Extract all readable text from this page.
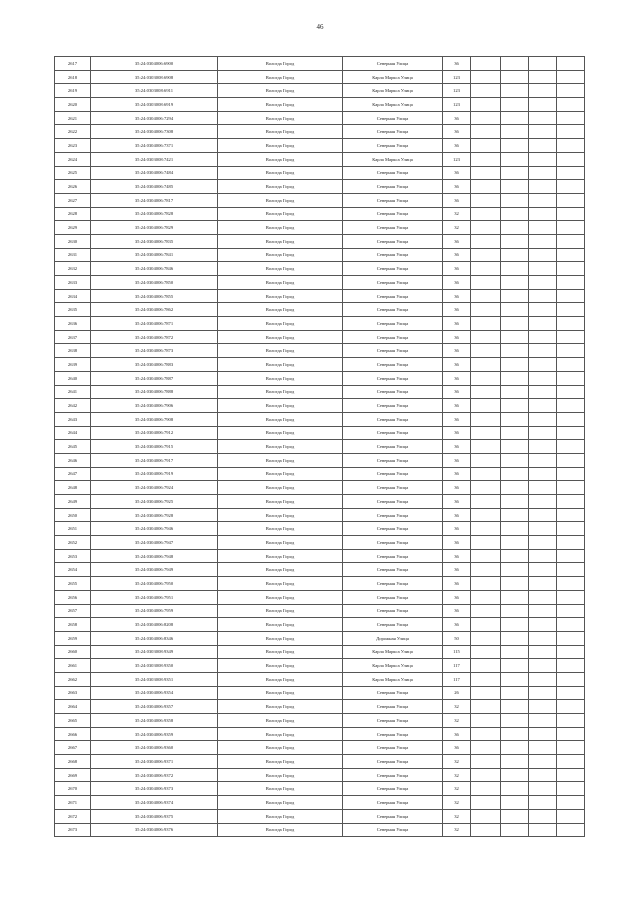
46
2617	35:24:0304006:6900	Вологда Город	Северная Улица	36				
2618	35:24:0303008:6908	Вологда Город	Карла Маркса Улица	123				
2619	35:24:0303008:6911	Вологда Город	Карла Маркса Улица	123				
2620	35:24:0303008:6919	Вологда Город	Карла Маркса Улица	123				
2621	35:24:0304006:7294	Вологда Город	Северная Улица	36				
2622	35:24:0304006:7308	Вологда Город	Северная Улица	36				
2623	35:24:0304006:7371	Вологда Город	Северная Улица	36				
2624	35:24:0303008:7421	Вологда Город	Карла Маркса Улица	123				
2625	35:24:0304006:7484	Вологда Город	Северная Улица	36				
2626	35:24:0304006:7485	Вологда Город	Северная Улица	36				
2627	35:24:0304006:7817	Вологда Город	Северная Улица	36				
2628	35:24:0304006:7828	Вологда Город	Северная Улица	32				
2629	35:24:0304006:7829	Вологда Город	Северная Улица	32				
2630	35:24:0304006:7835	Вологда Город	Северная Улица	36				
2631	35:24:0304006:7841	Вологда Город	Северная Улица	36				
2632	35:24:0304006:7846	Вологда Город	Северная Улица	36				
2633	35:24:0304006:7850	Вологда Город	Северная Улица	36				
2634	35:24:0304006:7855	Вологда Город	Северная Улица	36				
2635	35:24:0304006:7862	Вологда Город	Северная Улица	36				
2636	35:24:0304006:7871	Вологда Город	Северная Улица	36				
2637	35:24:0304006:7872	Вологда Город	Северная Улица	36				
2638	35:24:0304006:7873	Вологда Город	Северная Улица	36				
2639	35:24:0304006:7883	Вологда Город	Северная Улица	36				
2640	35:24:0304006:7887	Вологда Город	Северная Улица	36				
2641	35:24:0304006:7888	Вологда Город	Северная Улица	36				
2642	35:24:0304006:7906	Вологда Город	Северная Улица	36				
2643	35:24:0304006:7908	Вологда Город	Северная Улица	36				
2644	35:24:0304006:7912	Вологда Город	Северная Улица	36				
2645	35:24:0304006:7915	Вологда Город	Северная Улица	36				
2646	35:24:0304006:7917	Вологда Город	Северная Улица	36				
2647	35:24:0304006:7919	Вологда Город	Северная Улица	36				
2648	35:24:0304006:7924	Вологда Город	Северная Улица	36				
2649	35:24:0304006:7925	Вологда Город	Северная Улица	36				
2650	35:24:0304006:7928	Вологда Город	Северная Улица	36				
2651	35:24:0304006:7946	Вологда Город	Северная Улица	36				
2652	35:24:0304006:7947	Вологда Город	Северная Улица	36				
2653	35:24:0304006:7948	Вологда Город	Северная Улица	36				
2654	35:24:0304006:7949	Вологда Город	Северная Улица	36				
2655	35:24:0304006:7950	Вологда Город	Северная Улица	36				
2656	35:24:0304006:7951	Вологда Город	Северная Улица	36				
2657	35:24:0304006:7959	Вологда Город	Северная Улица	36				
2658	35:24:0304006:8208	Вологда Город	Северная Улица	36				
2659	35:24:0304006:8346	Вологда Город	Дорожная Улица	50				
2660	35:24:0303008:9349	Вологда Город	Карла Маркса Улица	115				
2661	35:24:0303008:9350	Вологда Город	Карла Маркса Улица	117				
2662	35:24:0303008:9351	Вологда Город	Карла Маркса Улица	117				
2663	35:24:0304006:9354	Вологда Город	Северная Улица	26				
2664	35:24:0304006:9357	Вологда Город	Северная Улица	32				
2665	35:24:0304006:9358	Вологда Город	Северная Улица	32				
2666	35:24:0304006:9359	Вологда Город	Северная Улица	36				
2667	35:24:0304006:9360	Вологда Город	Северная Улица	36				
2668	35:24:0304006:9371	Вологда Город	Северная Улица	32				
2669	35:24:0304006:9372	Вологда Город	Северная Улица	32				
2670	35:24:0304006:9373	Вологда Город	Северная Улица	32				
2671	35:24:0304006:9374	Вологда Город	Северная Улица	32				
2672	35:24:0304006:9375	Вологда Город	Северная Улица	32				
2673	35:24:0304006:9376	Вологда Город	Северная Улица	32				
